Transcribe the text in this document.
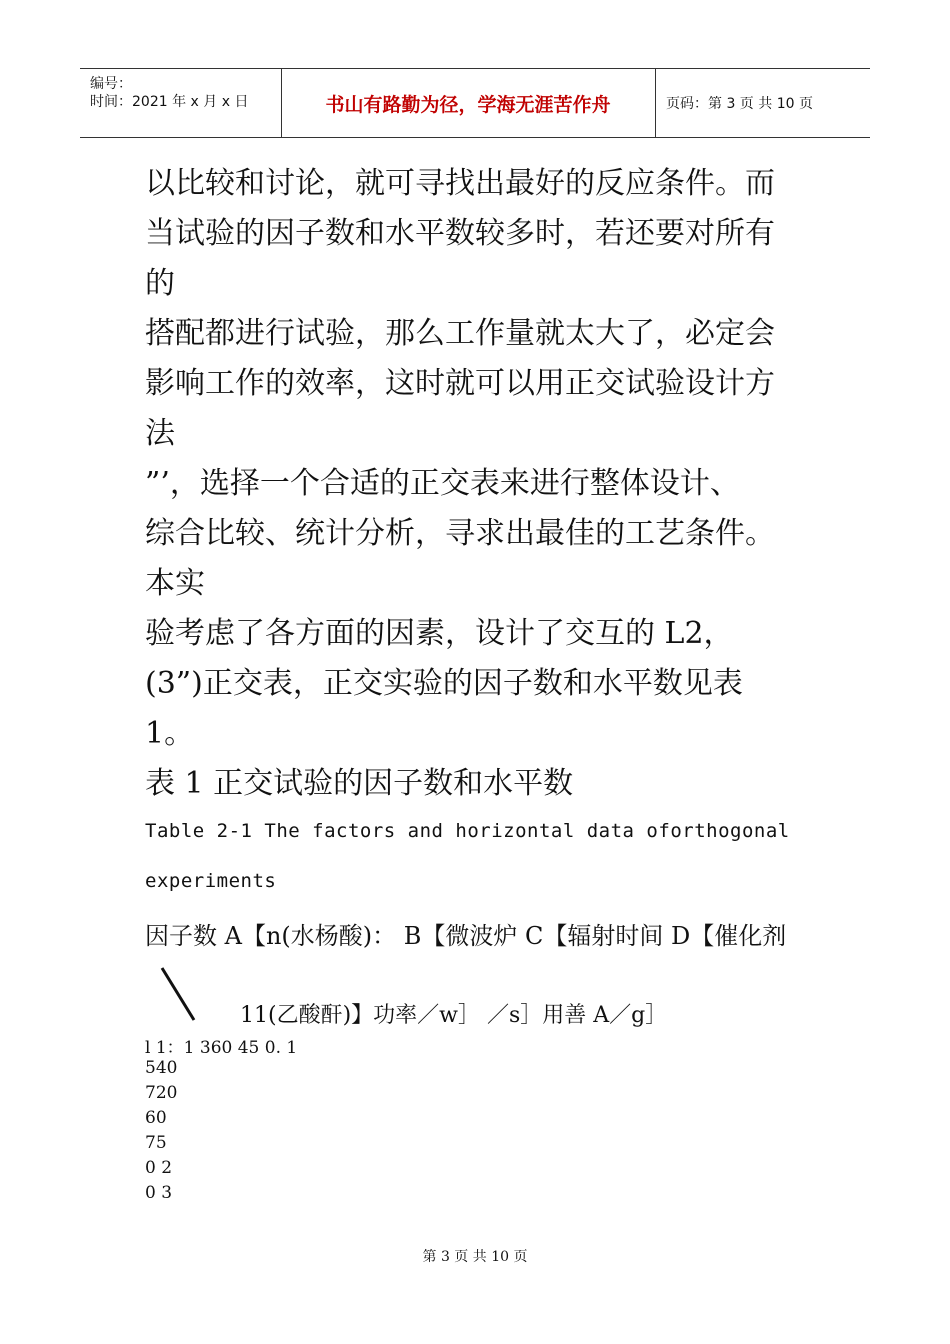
编号：
时间：2021 年 x 月 x 日	书山有路勤为径，学海无涯苦作舟	页码：第 3 页 共 10 页
以比较和讨论，就可寻找出最好的反应条件。而
当试验的因子数和水平数较多时，若还要对所有
的
搭配都进行试验，那么工作量就太大了，必定会
影响工作的效率，这时就可以用正交试验设计方
法
”’，选择一个合适的正交表来进行整体设计、
综合比较、统计分析，寻求出最佳的工艺条件。
本实
验考虑了各方面的因素，设计了交互的 L2，
(3”)正交表，正交实验的因子数和水平数见表
1。
表 1 正交试验的因子数和水平数
Table 2-1 The factors and horizontal data oforthogonal
experiments
因子数 A【n(水杨酸)： B【微波炉 C【辐射时间 D【催化剂
11(乙酸酐)】功率／w］ ／s］用善 A／g］
l 1：1 360 45 0. 1
540
720
60
75
0 2
0 3
第 3 页 共 10 页
